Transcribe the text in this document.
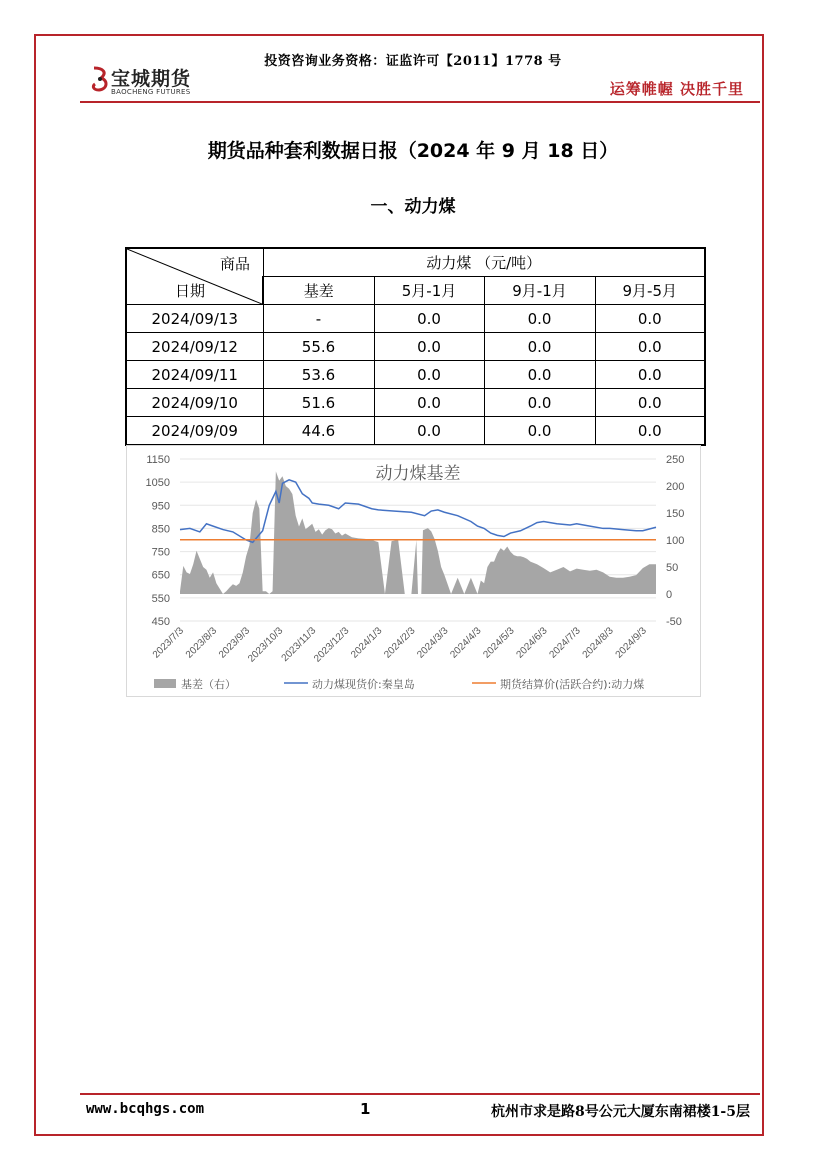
宝城期货
BAOCHENG FUTURES
投资咨询业务资格：证监许可【2011】1778 号
运筹帷幄 决胜千里
期货品种套利数据日报（2024 年 9 月 18 日）
一、动力煤
商品
日期	动力煤 （元/吨）			
	基差	5月-1月	9月-1月	9月-5月
2024/09/13	-	0.0	0.0	0.0
2024/09/12	55.6	0.0	0.0	0.0
2024/09/11	53.6	0.0	0.0	0.0
2024/09/10	51.6	0.0	0.0	0.0
2024/09/09	44.6	0.0	0.0	0.0
450
550
650
750
850
950
1050
1150
-50
0
50
100
150
200
250
动力煤基差
2023/7/3
2023/8/3
2023/9/3
2023/10/3
2023/11/3
2023/12/3
2024/1/3
2024/2/3
2024/3/3
2024/4/3
2024/5/3
2024/6/3
2024/7/3
2024/8/3
2024/9/3
基差（右）	动力煤现货价:秦皇岛	期货结算价(活跃合约):动力煤
www.bcqhgs.com	1	杭州市求是路8号公元大厦东南裙楼1-5层
